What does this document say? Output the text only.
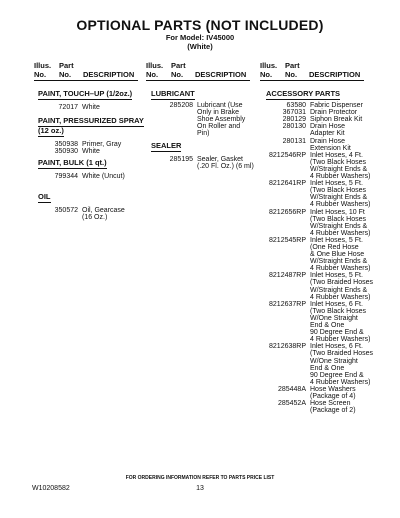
OPTIONAL PARTS (NOT INCLUDED)
For Model: IV45000
(White)
Illus. Part
No. No. DESCRIPTION
Illus. Part
No. No. DESCRIPTION
Illus. Part
No. No. DESCRIPTION
PAINT, TOUCH–UP (1/2oz.)
72017 White
PAINT, PRESSURIZED SPRAY
(12 oz.)
350938 Primer, Gray
350930 White
PAINT, BULK (1 qt.)
799344 White (Uncut)
OIL
350572 Oil, Gearcase
(16 Oz.)
LUBRICANT
285208 Lubricant (Use
Only in Brake
Shoe Assembly
On Roller and
Pin)
SEALER
285195 Sealer, Gasket
(.20 Fl. Oz.) (6 ml)
ACCESSORY PARTS
63580 Fabric Dispenser
367031 Drain Protector
280129 Siphon Break Kit
280130 Drain Hose
Adapter Kit
280131 Drain Hose
Extension Kit
8212546RP Inlet Hoses, 4 Ft.
(Two Black Hoses
W/Straight Ends &
4 Rubber Washers)
8212641RP Inlet Hoses, 5 Ft.
(Two Black Hoses
W/Straight Ends &
4 Rubber Washers)
8212656RP Inlet Hoses, 10 Ft
(Two Black Hoses
W/Straight Ends &
4 Rubber Washers)
8212545RP Inlet Hoses, 5 Ft.
(One Red Hose
& One Blue Hose
W/Straight Ends &
4 Rubber Washers)
8212487RP Inlet Hoses, 5 Ft.
(Two Braided Hoses
W/Straight Ends &
4 Rubber Washers)
8212637RP Inlet Hoses, 6 Ft.
(Two Black Hoses
W/One Straight
End & One
90 Degree End &
4 Rubber Washers)
8212638RP Inlet Hoses, 6 Ft.
(Two Braided Hoses
W/One Straight
End & One
90 Degree End &
4 Rubber Washers)
285448A Hose Washers
(Package of 4)
285452A Hose Screen
(Package of 2)
FOR ORDERING INFORMATION REFER TO PARTS PRICE LIST
W10208582	13
